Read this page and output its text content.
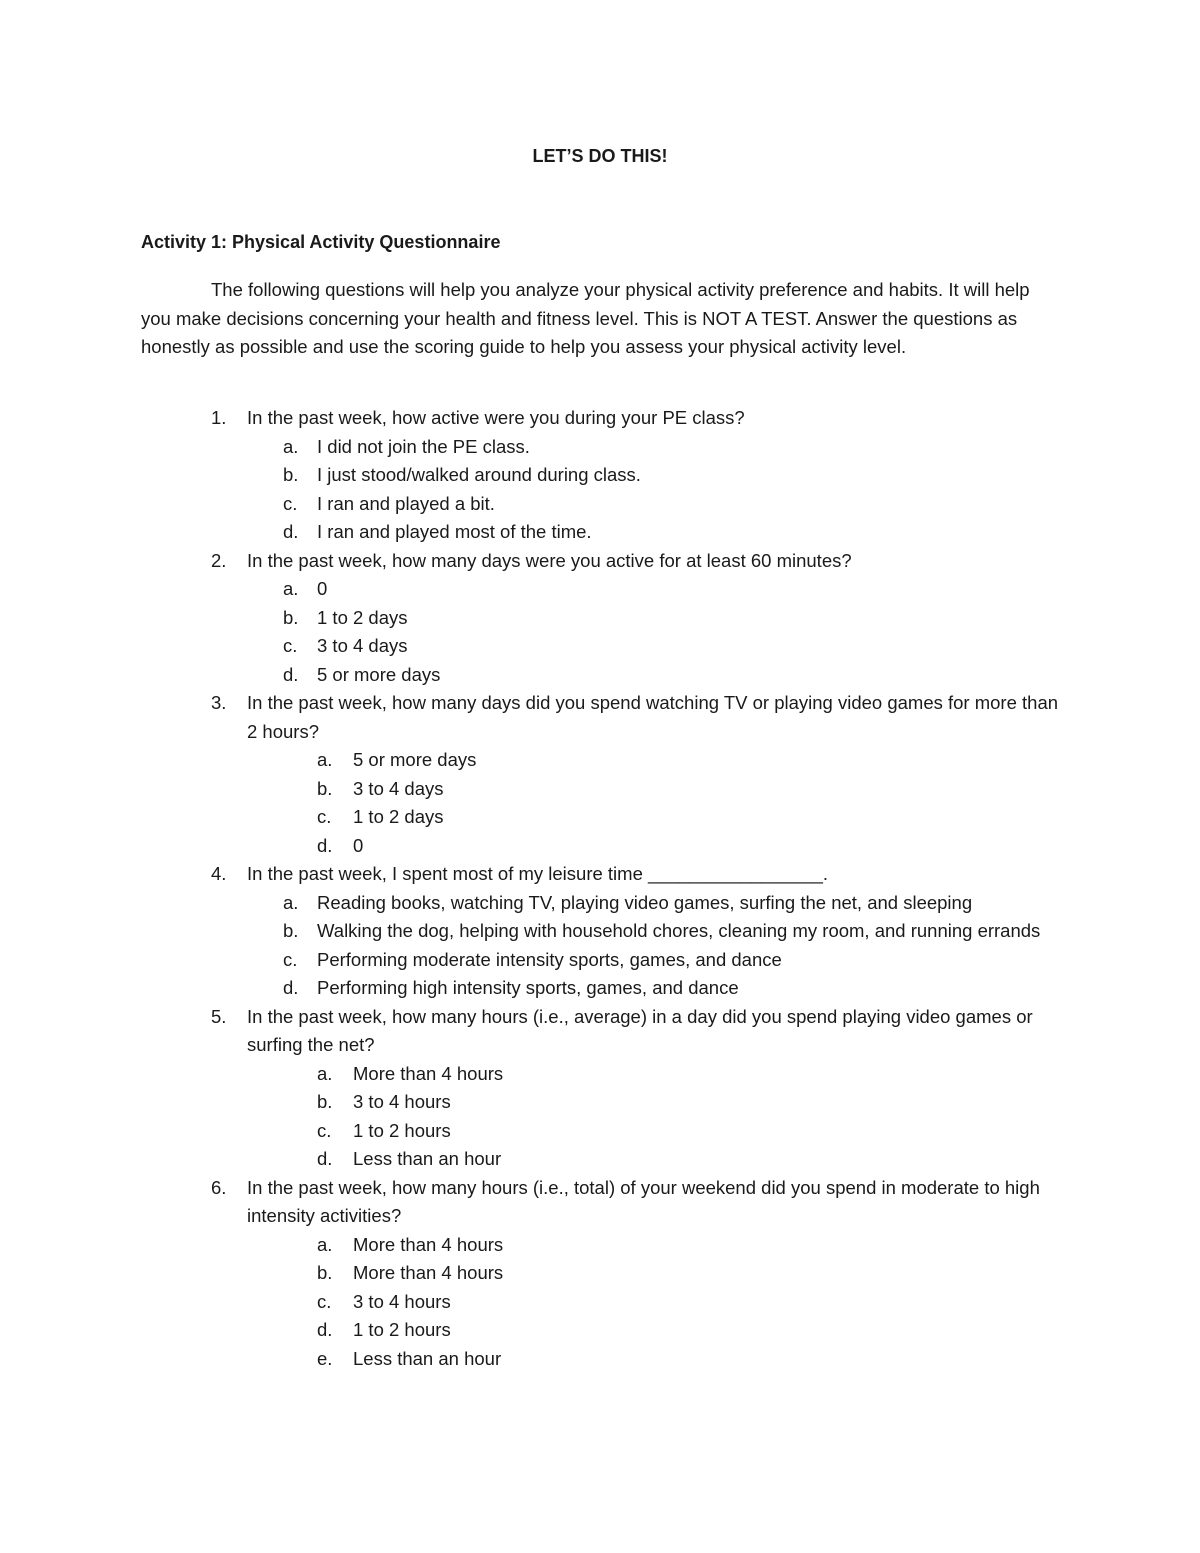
LET’S DO THIS!
Activity 1: Physical Activity Questionnaire

The following questions will help you analyze your physical activity preference and habits. It will help you make decisions concerning your health and fitness level. This is NOT A TEST. Answer the questions as honestly as possible and use the scoring guide to help you assess your physical activity level.

1. In the past week, how active were you during your PE class?
a. I did not join the PE class.
b. I just stood/walked around during class.
c. I ran and played a bit.
d. I ran and played most of the time.
2. In the past week, how many days were you active for at least 60 minutes?
a. 0
b. 1 to 2 days
c. 3 to 4 days
d. 5 or more days
3. In the past week, how many days did you spend watching TV or playing video games for more than 2 hours?
a. 5 or more days
b. 3 to 4 days
c. 1 to 2 days
d. 0
4. In the past week, I spent most of my leisure time _________________.
a. Reading books, watching TV, playing video games, surfing the net, and sleeping
b. Walking the dog, helping with household chores, cleaning my room, and running errands
c. Performing moderate intensity sports, games, and dance
d. Performing high intensity sports, games, and dance
5. In the past week, how many hours (i.e., average) in a day did you spend playing video games or surfing the net?
a. More than 4 hours
b. 3 to 4 hours
c. 1 to 2 hours
d. Less than an hour
6. In the past week, how many hours (i.e., total) of your weekend did you spend in moderate to high intensity activities?
a. More than 4 hours
b. More than 4 hours
c. 3 to 4 hours
d. 1 to 2 hours
e. Less than an hour
